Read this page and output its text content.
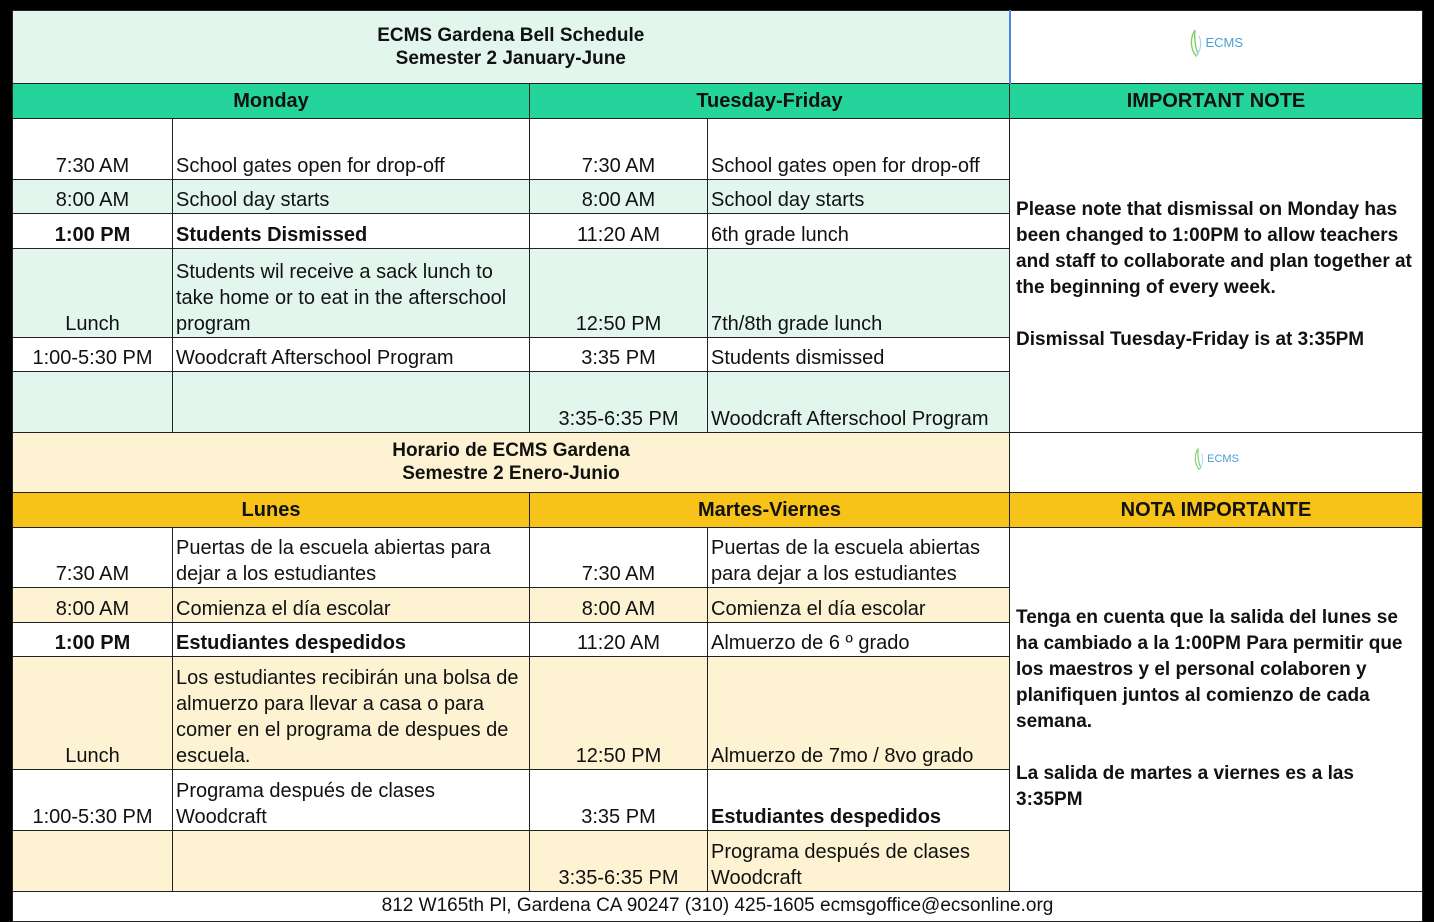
ECMS Gardena Bell Schedule
Semester 2 January-June				ECMS

Monday		Tuesday-Friday		IMPORTANT NOTE
7:30 AM	School gates open for drop-off	7:30 AM	School gates open for drop-off	Please note that dismissal on Monday has been changed to 1:00PM to allow teachers and staff to collaborate and plan together at the beginning of every week.
Dismissal Tuesday-Friday is at 3:35PM

8:00 AM	School day starts	8:00 AM	School day starts	
1:00 PM	Students Dismissed	11:20 AM	6th grade lunch	
Lunch	Students wil receive a sack lunch to take home or to eat in the afterschool program	12:50 PM	7th/8th grade lunch	
1:00-5:30 PM	Woodcraft Afterschool Program	3:35 PM	Students dismissed	
		3:35-6:35 PM	Woodcraft Afterschool Program	

Horario de ECMS Gardena
Semestre 2 Enero-Junio				ECMS

Lunes		Martes-Viernes		NOTA IMPORTANTE
7:30 AM	Puertas de la escuela abiertas para dejar a los estudiantes	7:30 AM	Puertas de la escuela abiertas para dejar a los estudiantes	Tenga en cuenta que la salida del lunes se ha cambiado a la 1:00PM Para permitir que los maestros y el personal colaboren y planifiquen juntos al comienzo de cada semana.
La salida de martes a viernes es a las 3:35PM

8:00 AM	Comienza el día escolar	8:00 AM	Comienza el día escolar	
1:00 PM	Estudiantes despedidos	11:20 AM	Almuerzo de 6 º grado	
Lunch	Los estudiantes recibirán una bolsa de almuerzo para llevar a casa o para comer en el programa de despues de escuela.	12:50 PM	Almuerzo de 7mo / 8vo grado	
1:00-5:30 PM	Programa después de clases Woodcraft	3:35 PM	Estudiantes despedidos	
		3:35-6:35 PM	Programa después de clases Woodcraft	
812 W165th Pl, Gardena CA 90247 (310) 425-1605 ecmsgoffice@ecsonline.org				
